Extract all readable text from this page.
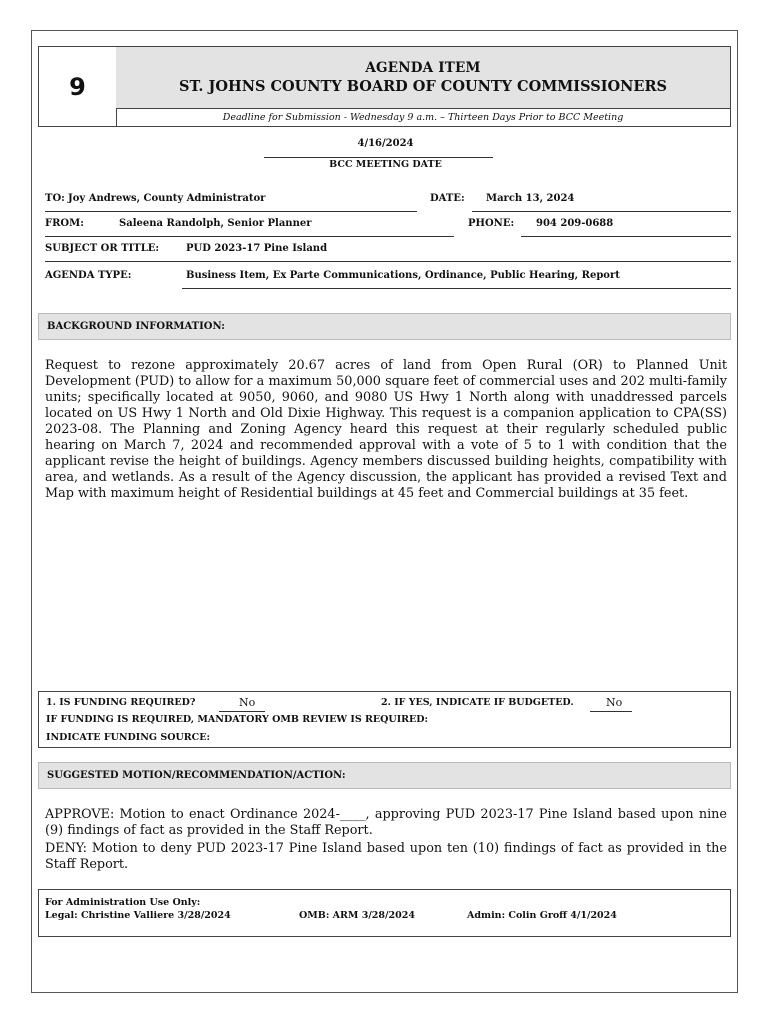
9
AGENDA ITEM
ST. JOHNS COUNTY BOARD OF COUNTY COMMISSIONERS
Deadline for Submission - Wednesday 9 a.m. – Thirteen Days Prior to BCC Meeting
4/16/2024
BCC MEETING DATE
TO: Joy Andrews, County Administrator	DATE: March 13, 2024
FROM:	Saleena Randolph, Senior Planner	PHONE: 904 209-0688
SUBJECT OR TITLE:	PUD 2023-17 Pine Island
AGENDA TYPE:	Business Item, Ex Parte Communications, Ordinance, Public Hearing, Report
BACKGROUND INFORMATION:
Request to rezone approximately 20.67 acres of land from Open Rural (OR) to Planned Unit Development (PUD) to allow for a maximum 50,000 square feet of commercial uses and 202 multi-family units; specifically located at 9050, 9060, and 9080 US Hwy 1 North along with unaddressed parcels located on US Hwy 1 North and Old Dixie Highway. This request is a companion application to CPA(SS) 2023-08. The Planning and Zoning Agency heard this request at their regularly scheduled public hearing on March 7, 2024 and recommended approval with a vote of 5 to 1 with condition that the applicant revise the height of buildings. Agency members discussed building heights, compatibility with area, and wetlands. As a result of the Agency discussion, the applicant has provided a revised Text and Map with maximum height of Residential buildings at 45 feet and Commercial buildings at 35 feet.
1. IS FUNDING REQUIRED?	No	2. IF YES, INDICATE IF BUDGETED.	No
IF FUNDING IS REQUIRED, MANDATORY OMB REVIEW IS REQUIRED:
INDICATE FUNDING SOURCE:
SUGGESTED MOTION/RECOMMENDATION/ACTION:
APPROVE: Motion to enact Ordinance 2024-____, approving PUD 2023-17 Pine Island based upon nine (9) findings of fact as provided in the Staff Report.
DENY: Motion to deny PUD 2023-17 Pine Island based upon ten (10) findings of fact as provided in the Staff Report.
For Administration Use Only:
Legal: Christine Valliere 3/28/2024	OMB: ARM 3/28/2024	Admin: Colin Groff 4/1/2024
